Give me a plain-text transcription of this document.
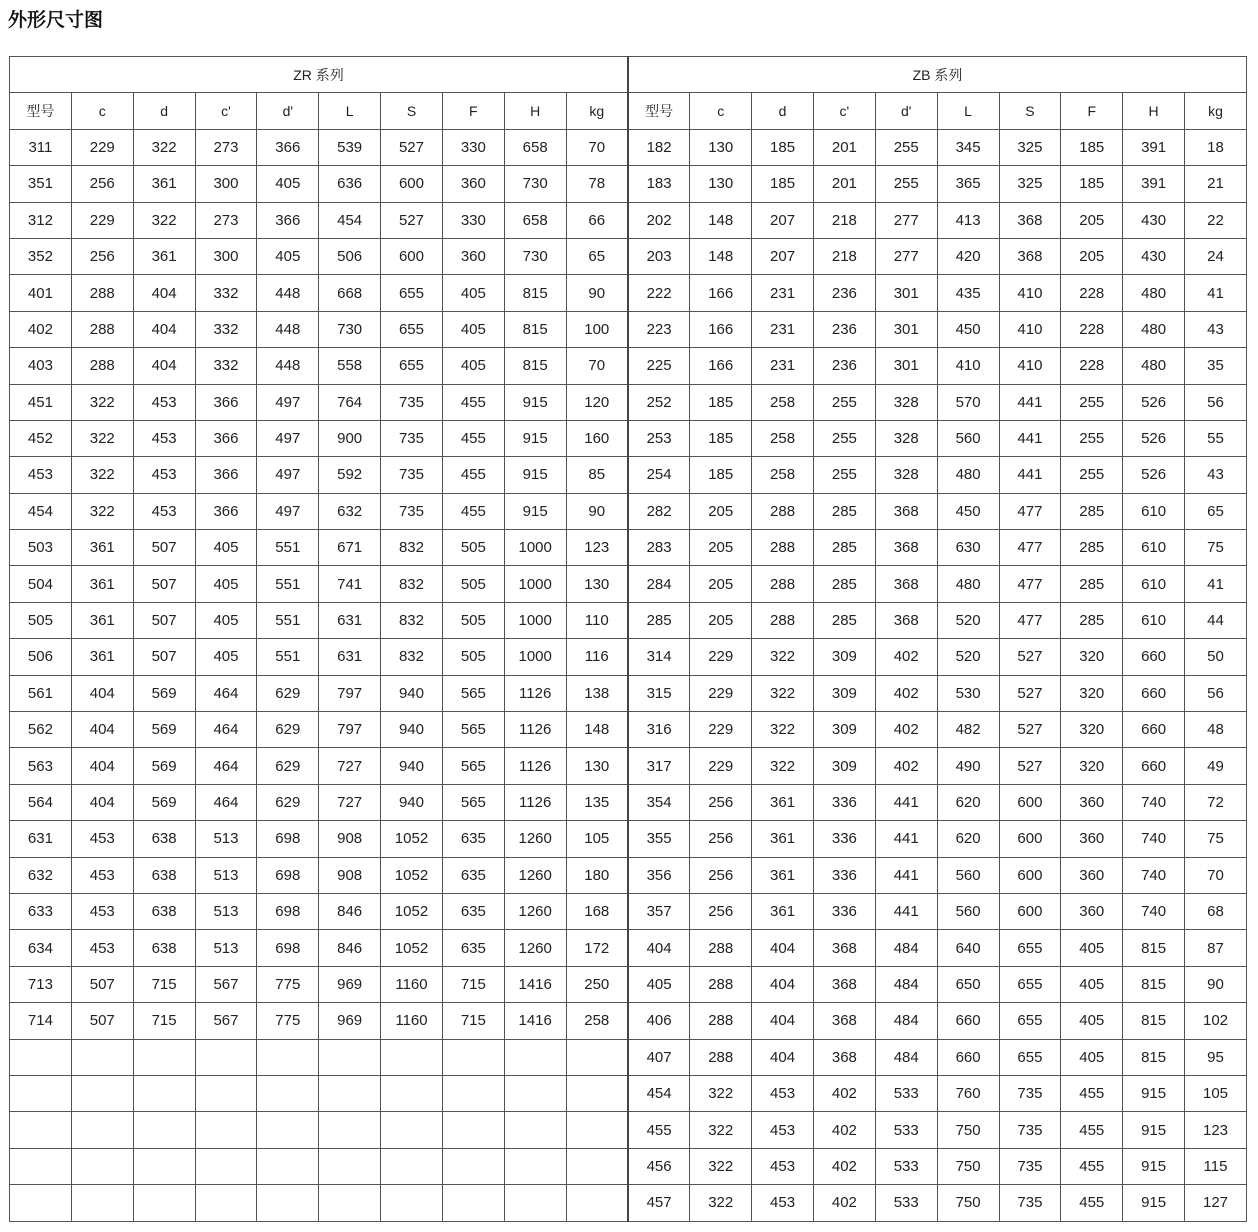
外形尺寸图
ZR 系列										ZB 系列									
型号	c	d	c'	d'	L	S	F	H	kg	型号	c	d	c'	d'	L	S	F	H	kg
311	229	322	273	366	539	527	330	658	70	182	130	185	201	255	345	325	185	391	18
351	256	361	300	405	636	600	360	730	78	183	130	185	201	255	365	325	185	391	21
312	229	322	273	366	454	527	330	658	66	202	148	207	218	277	413	368	205	430	22
352	256	361	300	405	506	600	360	730	65	203	148	207	218	277	420	368	205	430	24
401	288	404	332	448	668	655	405	815	90	222	166	231	236	301	435	410	228	480	41
402	288	404	332	448	730	655	405	815	100	223	166	231	236	301	450	410	228	480	43
403	288	404	332	448	558	655	405	815	70	225	166	231	236	301	410	410	228	480	35
451	322	453	366	497	764	735	455	915	120	252	185	258	255	328	570	441	255	526	56
452	322	453	366	497	900	735	455	915	160	253	185	258	255	328	560	441	255	526	55
453	322	453	366	497	592	735	455	915	85	254	185	258	255	328	480	441	255	526	43
454	322	453	366	497	632	735	455	915	90	282	205	288	285	368	450	477	285	610	65
503	361	507	405	551	671	832	505	1000	123	283	205	288	285	368	630	477	285	610	75
504	361	507	405	551	741	832	505	1000	130	284	205	288	285	368	480	477	285	610	41
505	361	507	405	551	631	832	505	1000	110	285	205	288	285	368	520	477	285	610	44
506	361	507	405	551	631	832	505	1000	116	314	229	322	309	402	520	527	320	660	50
561	404	569	464	629	797	940	565	1126	138	315	229	322	309	402	530	527	320	660	56
562	404	569	464	629	797	940	565	1126	148	316	229	322	309	402	482	527	320	660	48
563	404	569	464	629	727	940	565	1126	130	317	229	322	309	402	490	527	320	660	49
564	404	569	464	629	727	940	565	1126	135	354	256	361	336	441	620	600	360	740	72
631	453	638	513	698	908	1052	635	1260	105	355	256	361	336	441	620	600	360	740	75
632	453	638	513	698	908	1052	635	1260	180	356	256	361	336	441	560	600	360	740	70
633	453	638	513	698	846	1052	635	1260	168	357	256	361	336	441	560	600	360	740	68
634	453	638	513	698	846	1052	635	1260	172	404	288	404	368	484	640	655	405	815	87
713	507	715	567	775	969	1160	715	1416	250	405	288	404	368	484	650	655	405	815	90
714	507	715	567	775	969	1160	715	1416	258	406	288	404	368	484	660	655	405	815	102
										407	288	404	368	484	660	655	405	815	95
										454	322	453	402	533	760	735	455	915	105
										455	322	453	402	533	750	735	455	915	123
										456	322	453	402	533	750	735	455	915	115
										457	322	453	402	533	750	735	455	915	127
